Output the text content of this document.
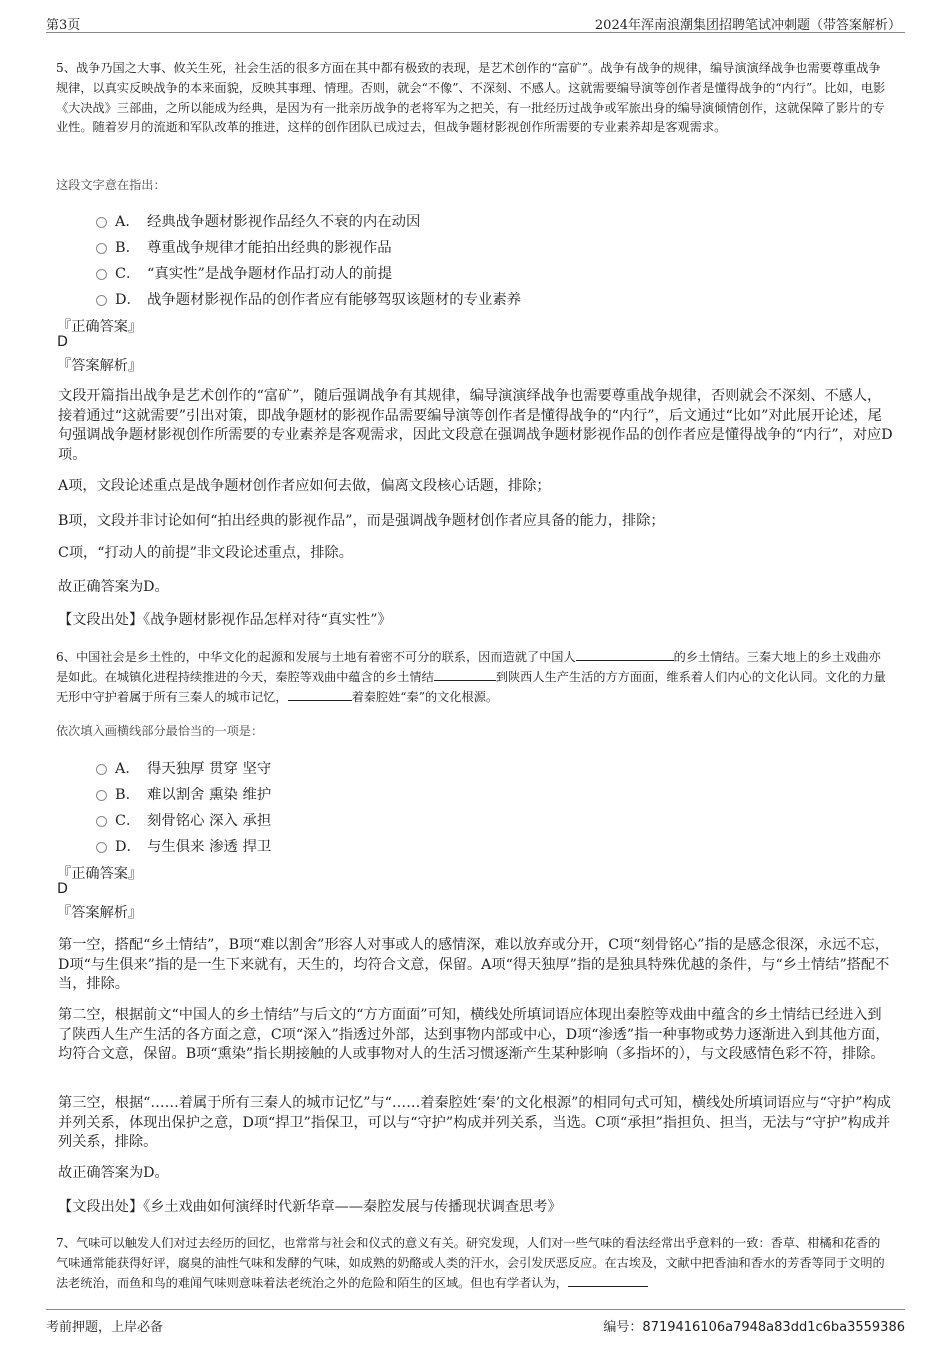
第3页	2024年浑南浪潮集团招聘笔试冲刺题（带答案解析）
5、战争乃国之大事、攸关生死，社会生活的很多方面在其中都有极致的表现，是艺术创作的“富矿”。战争有战争的规律，编导演演绎战争也需要尊重战争规律，以真实反映战争的本来面貌，反映其事理、情理。否则，就会“不像”、不深刻、不感人。这就需要编导演等创作者是懂得战争的“内行”。比如，电影《大决战》三部曲，之所以能成为经典，是因为有一批亲历战争的老将军为之把关，有一批经历过战争或军旅出身的编导演倾情创作，这就保障了影片的专业性。随着岁月的流逝和军队改革的推进，这样的创作团队已成过去，但战争题材影视创作所需要的专业素养却是客观需求。
这段文字意在指出：
A． 经典战争题材影视作品经久不衰的内在动因
B． 尊重战争规律才能拍出经典的影视作品
C． “真实性”是战争题材作品打动人的前提
D． 战争题材影视作品的创作者应有能够驾驭该题材的专业素养
『正确答案』
D
『答案解析』
文段开篇指出战争是艺术创作的“富矿”，随后强调战争有其规律，编导演演绎战争也需要尊重战争规律，否则就会不深刻、不感人，接着通过“这就需要”引出对策，即战争题材的影视作品需要编导演等创作者是懂得战争的“内行”，后文通过“比如”对此展开论述，尾句强调战争题材影视创作所需要的专业素养是客观需求，因此文段意在强调战争题材影视作品的创作者应是懂得战争的“内行”，对应D项。
A项，文段论述重点是战争题材创作者应如何去做，偏离文段核心话题，排除；
B项，文段并非讨论如何“拍出经典的影视作品”，而是强调战争题材创作者应具备的能力，排除；
C项，“打动人的前提”非文段论述重点，排除。
故正确答案为D。
【文段出处】《战争题材影视作品怎样对待“真实性”》
6、中国社会是乡土性的，中华文化的起源和发展与土地有着密不可分的联系，因而造就了中国人	的乡土情结。三秦大地上的乡土戏曲亦是如此。在城镇化进程持续推进的今天，秦腔等戏曲中蕴含的乡土情结	到陕西人生产生活的方方面面，维系着人们内心的文化认同。文化的力量无形中守护着属于所有三秦人的城市记忆，	着秦腔姓“秦”的文化根源。
依次填入画横线部分最恰当的一项是：
A． 得天独厚 贯穿 坚守
B． 难以割舍 熏染 维护
C． 刻骨铭心 深入 承担
D． 与生俱来 渗透 捍卫
『正确答案』
D
『答案解析』
第一空，搭配“乡土情结”，B项“难以割舍”形容人对事或人的感情深，难以放弃或分开，C项“刻骨铭心”指的是感念很深，永远不忘，D项“与生俱来”指的是一生下来就有，天生的，均符合文意，保留。A项“得天独厚”指的是独具特殊优越的条件，与“乡土情结”搭配不当，排除。
第二空，根据前文“中国人的乡土情结”与后文的“方方面面”可知，横线处所填词语应体现出秦腔等戏曲中蕴含的乡土情结已经进入到了陕西人生产生活的各方面之意，C项“深入”指透过外部，达到事物内部或中心，D项“渗透”指一种事物或势力逐渐进入到其他方面，均符合文意，保留。B项“熏染”指长期接触的人或事物对人的生活习惯逐渐产生某种影响（多指坏的），与文段感情色彩不符，排除。
第三空，根据“……着属于所有三秦人的城市记忆”与“……着秦腔姓‘秦’的文化根源”的相同句式可知，横线处所填词语应与“守护”构成并列关系，体现出保护之意，D项“捍卫”指保卫，可以与“守护”构成并列关系，当选。C项“承担”指担负、担当，无法与“守护”构成并列关系，排除。
故正确答案为D。
【文段出处】《乡土戏曲如何演绎时代新华章——秦腔发展与传播现状调查思考》
7、气味可以触发人们对过去经历的回忆，也常常与社会和仪式的意义有关。研究发现，人们对一些气味的看法经常出乎意料的一致：香草、柑橘和花香的气味通常能获得好评，腐臭的油性气味和发酵的气味，如成熟的奶酪或人类的汗水，会引发厌恶反应。在古埃及，文献中把香油和香水的芳香等同于文明的法老统治，而鱼和鸟的难闻气味则意味着法老统治之外的危险和陌生的区域。但也有学者认为，
考前押题，上岸必备	编号：8719416106a7948a83dd1c6ba3559386
